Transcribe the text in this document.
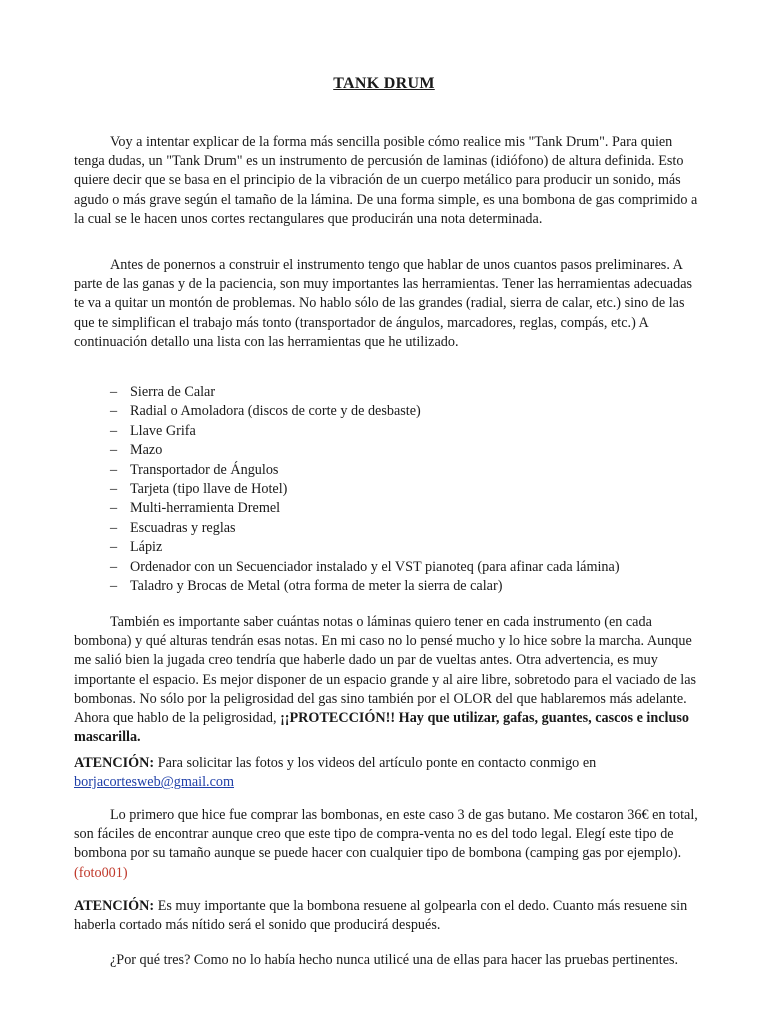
TANK DRUM

Voy a intentar explicar de la forma más sencilla posible cómo realice mis "Tank Drum". Para quien tenga dudas, un "Tank Drum" es un instrumento de percusión de laminas (idiófono) de altura definida. Esto quiere decir que se basa en el principio de la vibración de un cuerpo metálico para producir un sonido, más agudo o más grave según el tamaño de la lámina. De una forma simple, es una bombona de gas comprimido a la cual se le hacen unos cortes rectangulares que producirán una nota determinada.

Antes de ponernos a construir el instrumento tengo que hablar de unos cuantos pasos preliminares. A parte de las ganas y de la paciencia, son muy importantes las herramientas. Tener las herramientas adecuadas te va a quitar un montón de problemas. No hablo sólo de las grandes (radial, sierra de calar, etc.) sino de las que te simplifican el trabajo más tonto (transportador de ángulos, marcadores, reglas, compás, etc.) A continuación detallo una lista con las herramientas que he utilizado.

– Sierra de Calar
– Radial o Amoladora (discos de corte y de desbaste)
– Llave Grifa
– Mazo
– Transportador de Ángulos
– Tarjeta (tipo llave de Hotel)
– Multi-herramienta Dremel
– Escuadras y reglas
– Lápiz
– Ordenador con un Secuenciador instalado y el VST pianoteq (para afinar cada lámina)
– Taladro y Brocas de Metal (otra forma de meter la sierra de calar)

También es importante saber cuántas notas o láminas quiero tener en cada instrumento (en cada bombona) y qué alturas tendrán esas notas. En mi caso no lo pensé mucho y lo hice sobre la marcha. Aunque me salió bien la jugada creo tendría que haberle dado un par de vueltas antes. Otra advertencia, es muy importante el espacio. Es mejor disponer de un espacio grande y al aire libre, sobretodo para el vaciado de las bombonas. No sólo por la peligrosidad del gas sino también por el OLOR del que hablaremos más adelante. Ahora que hablo de la peligrosidad, ¡¡PROTECCIÓN!! Hay que utilizar, gafas, guantes, cascos e incluso mascarilla.

ATENCIÓN: Para solicitar las fotos y los videos del artículo ponte en contacto conmigo en borjacortesweb@gmail.com

Lo primero que hice fue comprar las bombonas, en este caso 3 de gas butano. Me costaron 36€ en total, son fáciles de encontrar aunque creo que este tipo de compra-venta no es del todo legal. Elegí este tipo de bombona por su tamaño aunque se puede hacer con cualquier tipo de bombona (camping gas por ejemplo). (foto001)

ATENCIÓN: Es muy importante que la bombona resuene al golpearla con el dedo. Cuanto más resuene sin haberla cortado más nítido será el sonido que producirá después.

¿Por qué tres? Como no lo había hecho nunca utilicé una de ellas para hacer las pruebas pertinentes.
